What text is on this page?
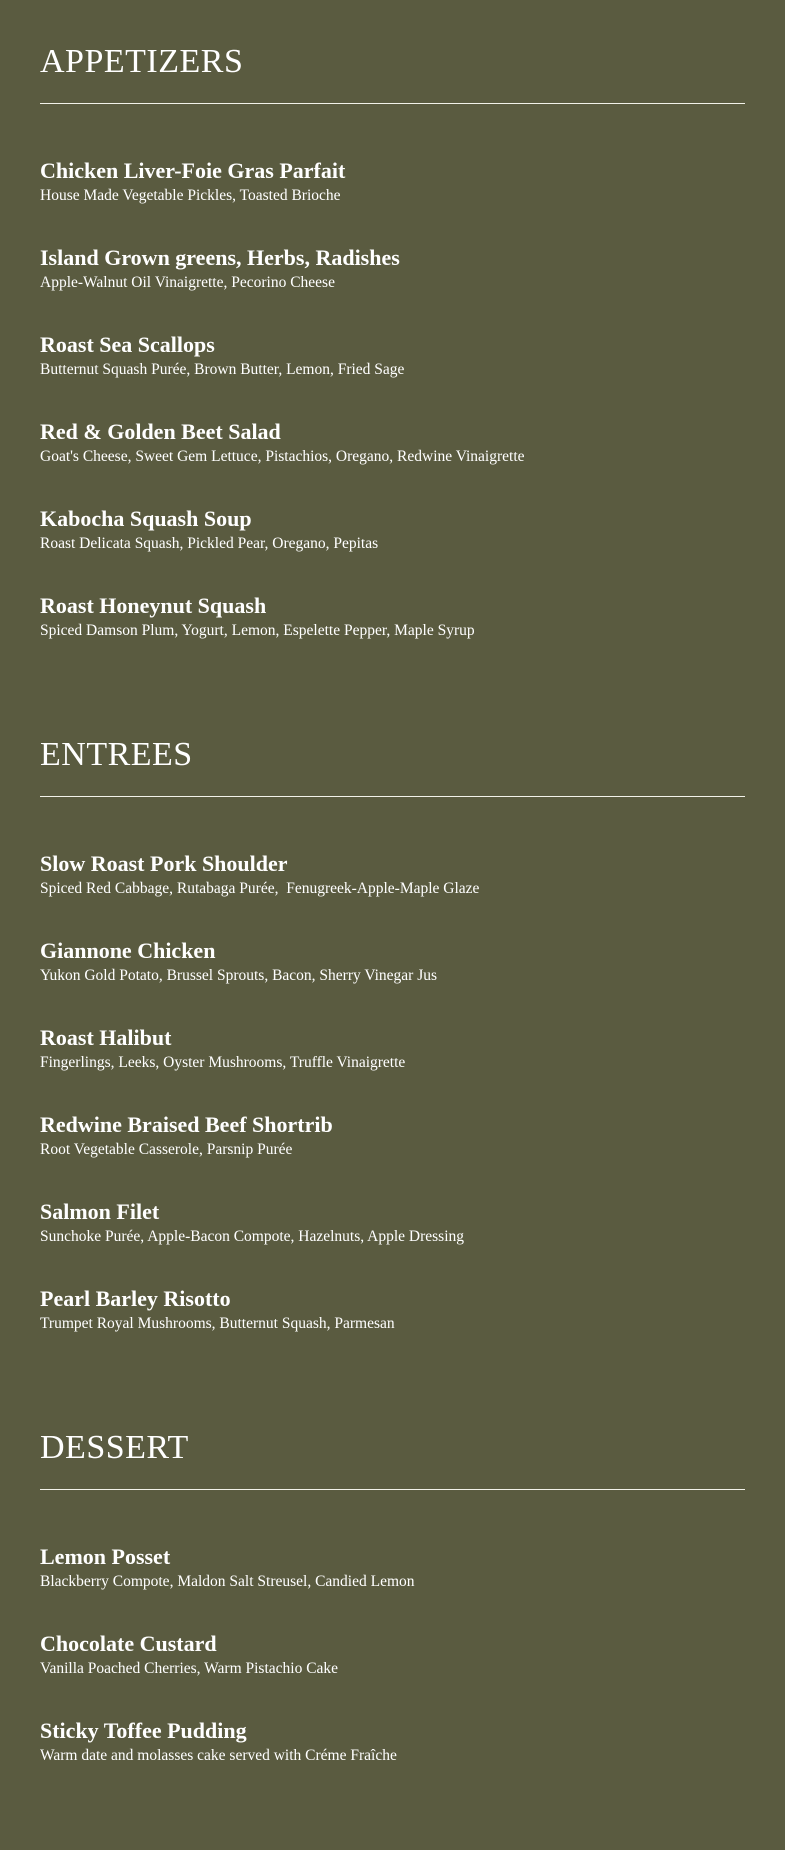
APPETIZERS

Chicken Liver-Foie Gras Parfait

House Made Vegetable Pickles, Toasted Brioche

Island Grown greens, Herbs, Radishes

Apple-Walnut Oil Vinaigrette, Pecorino Cheese

Roast Sea Scallops

Butternut Squash Purée, Brown Butter, Lemon, Fried Sage

Red & Golden Beet Salad

Goat's Cheese, Sweet Gem Lettuce, Pistachios, Oregano, Redwine Vinaigrette

Kabocha Squash Soup

Roast Delicata Squash, Pickled Pear, Oregano, Pepitas

Roast Honeynut Squash

Spiced Damson Plum, Yogurt, Lemon, Espelette Pepper, Maple Syrup

ENTREES

Slow Roast Pork Shoulder

Spiced Red Cabbage, Rutabaga Purée,  Fenugreek-Apple-Maple Glaze

Giannone Chicken

Yukon Gold Potato, Brussel Sprouts, Bacon, Sherry Vinegar Jus

Roast Halibut

Fingerlings, Leeks, Oyster Mushrooms, Truffle Vinaigrette

Redwine Braised Beef Shortrib

Root Vegetable Casserole, Parsnip Purée

Salmon Filet

Sunchoke Purée, Apple-Bacon Compote, Hazelnuts, Apple Dressing

Pearl Barley Risotto

Trumpet Royal Mushrooms, Butternut Squash, Parmesan

DESSERT

Lemon Posset

Blackberry Compote, Maldon Salt Streusel, Candied Lemon

Chocolate Custard

Vanilla Poached Cherries, Warm Pistachio Cake

Sticky Toffee Pudding

Warm date and molasses cake served with Créme Fraîche
